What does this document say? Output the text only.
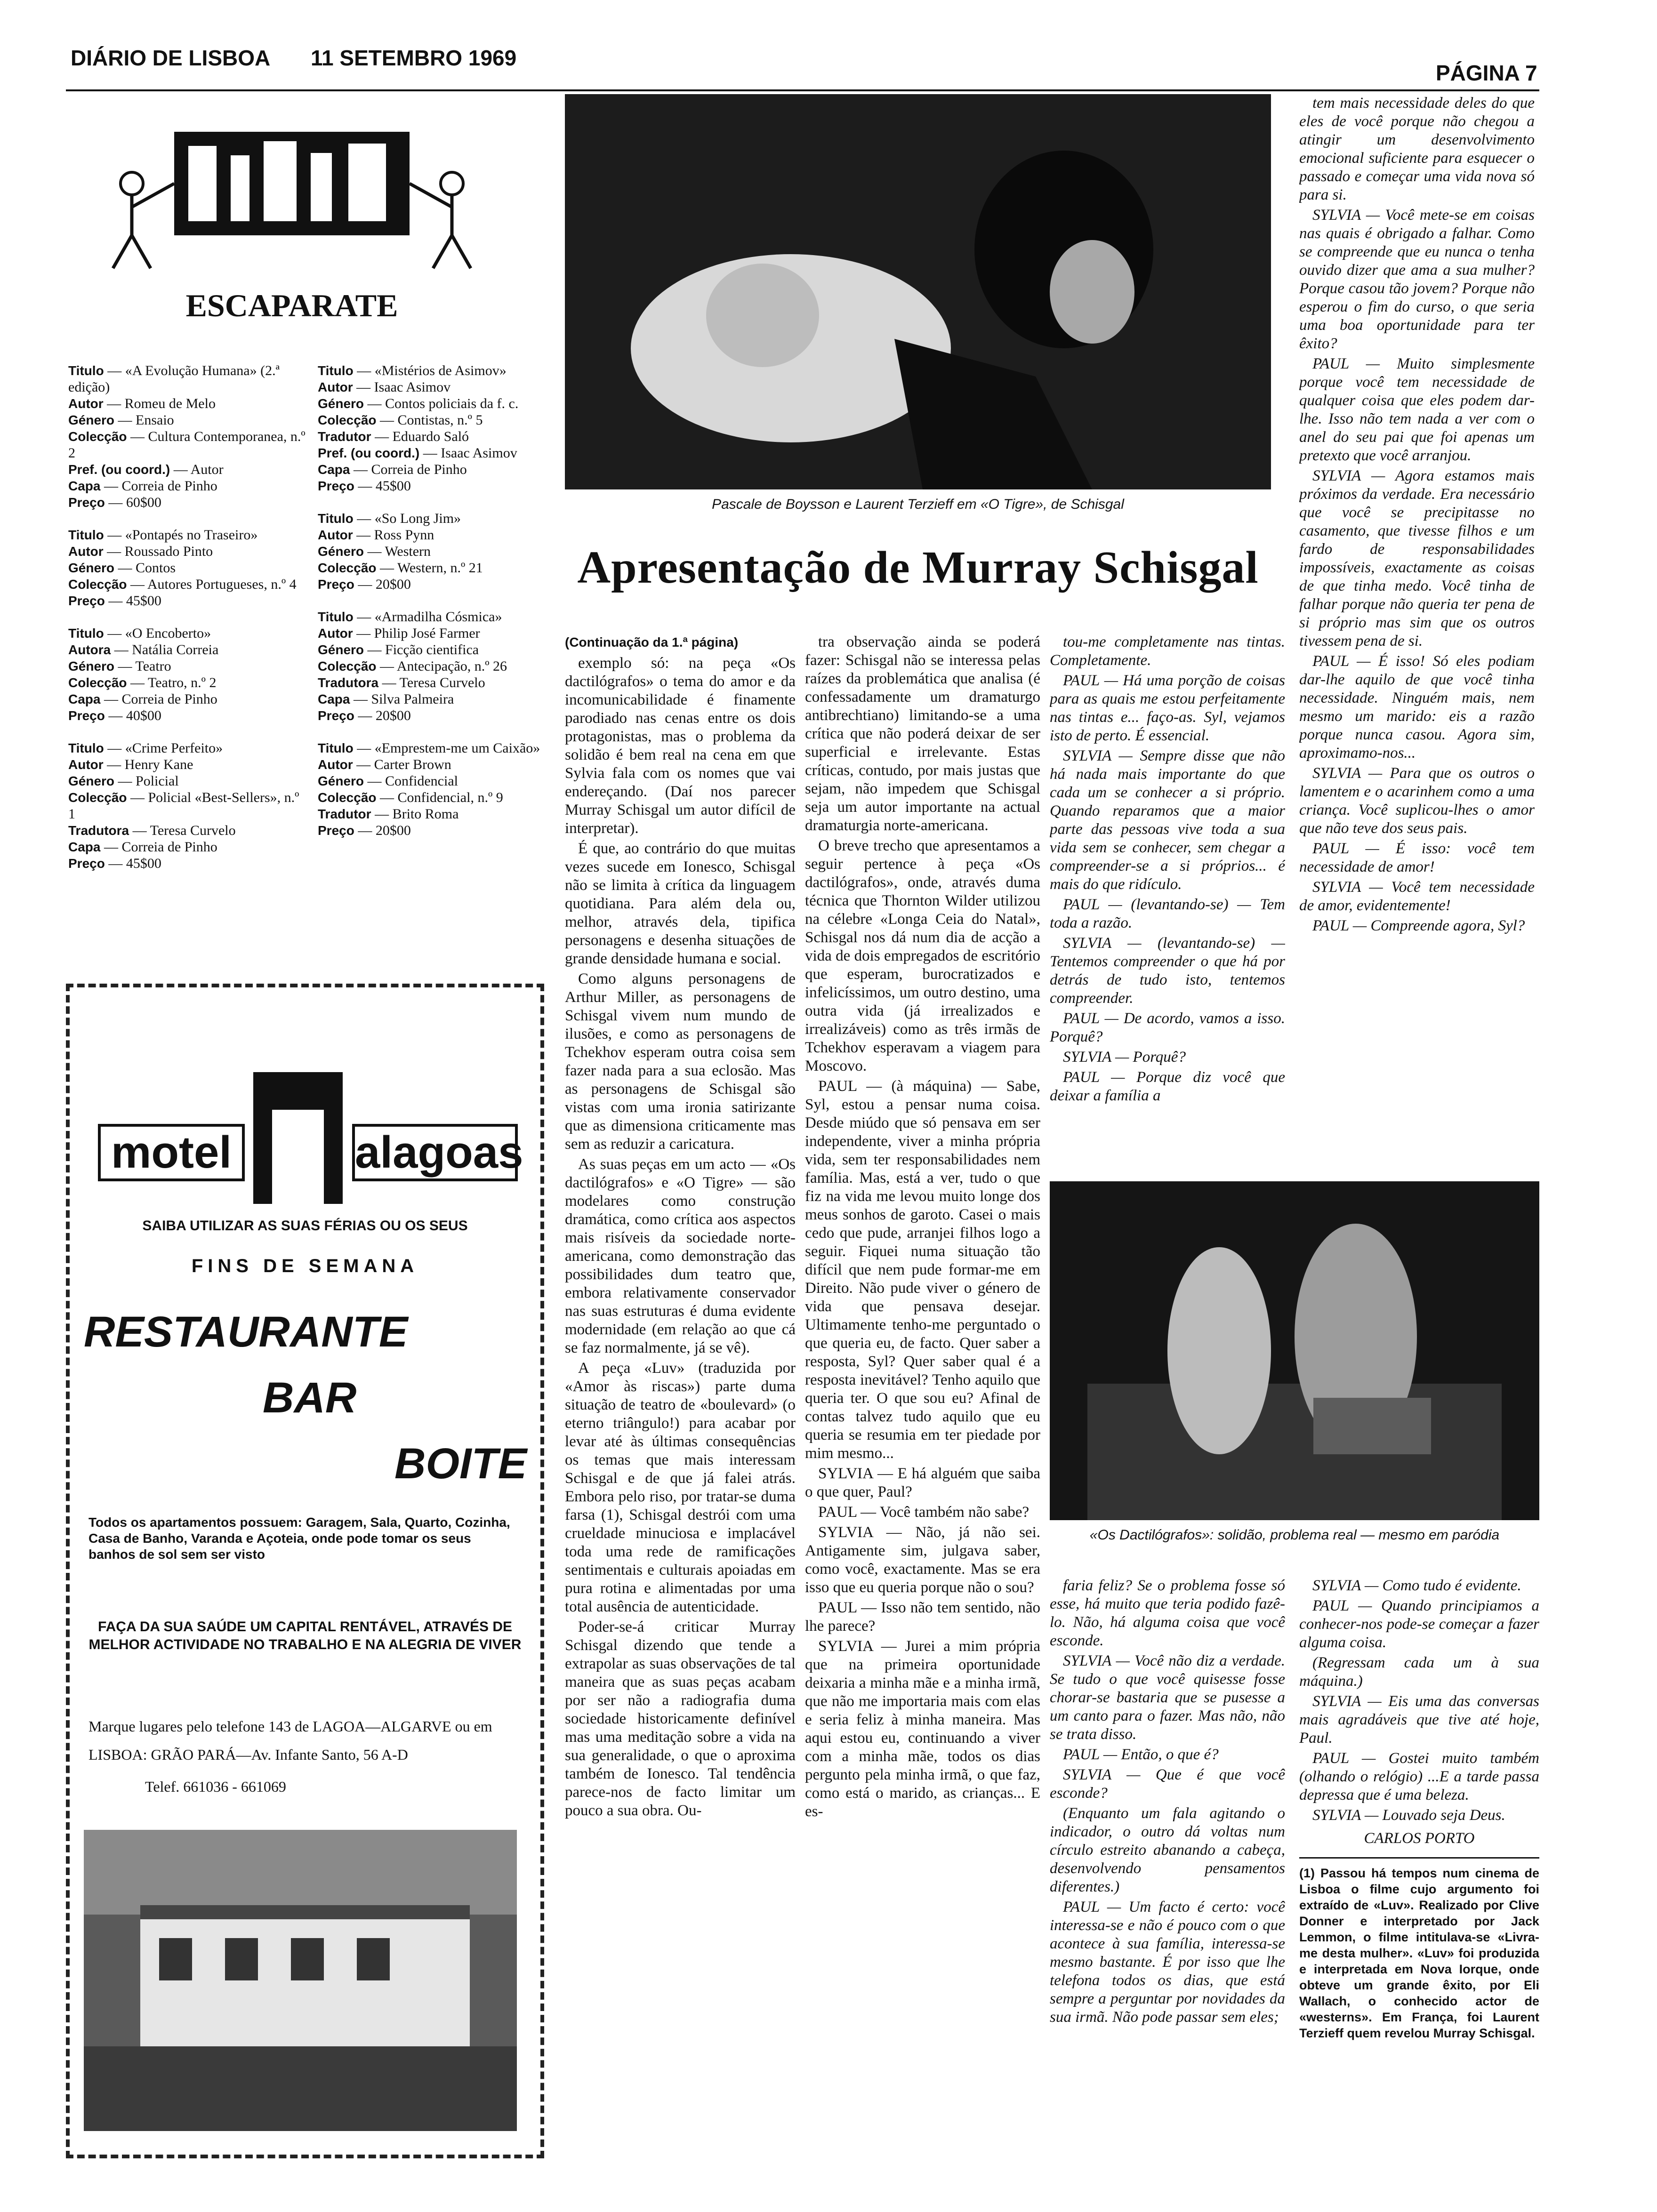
DIÁRIO DE LISBOA 11 SETEMBRO 1969
PÁGINA 7
ESCAPARATE
Titulo — «A Evolução Humana» (2.ª edição)
Autor — Romeu de Melo
Género — Ensaio
Colecção — Cultura Contemporanea, n.º 2
Pref. (ou coord.) — Autor
Capa — Correia de Pinho
Preço — 60$00
Titulo — «Pontapés no Traseiro»
Autor — Roussado Pinto
Género — Contos
Colecção — Autores Portugueses, n.º 4
Preço — 45$00
Titulo — «O Encoberto»
Autora — Natália Correia
Género — Teatro
Colecção — Teatro, n.º 2
Capa — Correia de Pinho
Preço — 40$00
Titulo — «Crime Perfeito»
Autor — Henry Kane
Género — Policial
Colecção — Policial «Best-Sellers», n.º 1
Tradutora — Teresa Curvelo
Capa — Correia de Pinho
Preço — 45$00
Titulo — «Mistérios de Asimov»
Autor — Isaac Asimov
Género — Contos policiais da f. c.
Colecção — Contistas, n.º 5
Tradutor — Eduardo Saló
Pref. (ou coord.) — Isaac Asimov
Capa — Correia de Pinho
Preço — 45$00
Titulo — «So Long Jim»
Autor — Ross Pynn
Género — Western
Colecção — Western, n.º 21
Preço — 20$00
Titulo — «Armadilha Cósmica»
Autor — Philip José Farmer
Género — Ficção cientifica
Colecção — Antecipação, n.º 26
Tradutora — Teresa Curvelo
Capa — Silva Palmeira
Preço — 20$00
Titulo — «Emprestem-me um Caixão»
Autor — Carter Brown
Género — Confidencial
Colecção — Confidencial, n.º 9
Tradutor — Brito Roma
Preço — 20$00
motel	alagoas
SAIBA UTILIZAR AS SUAS FÉRIAS OU OS SEUS
FINS DE SEMANA
RESTAURANTE
BAR
BOITE
Todos os apartamentos possuem: Garagem, Sala, Quarto, Cozinha, Casa de Banho, Varanda e Açoteia, onde pode tomar os seus banhos de sol sem ser visto
FAÇA DA SUA SAÚDE UM CAPITAL RENTÁVEL, ATRAVÉS DE MELHOR ACTIVIDADE NO TRABALHO E NA ALEGRIA DE VIVER
Marque lugares pelo telefone 143 de LAGOA—ALGARVE ou em LISBOA: GRÃO PARÁ—Av. Infante Santo, 56 A-D
Telef. 661036 - 661069
Pascale de Boysson e Laurent Terzieff em «O Tigre», de Schisgal
Apresentação de Murray Schisgal
(Continuação da 1.ª página)

exemplo só: na peça «Os dactilógrafos» o tema do amor e da incomunicabilidade é finamente parodiado nas cenas entre os dois protagonistas, mas o problema da solidão é bem real na cena em que Sylvia fala com os nomes que vai endereçando. (Daí nos parecer Murray Schisgal um autor difícil de interpretar).

É que, ao contrário do que muitas vezes sucede em Ionesco, Schisgal não se limita à crítica da linguagem quotidiana. Para além dela ou, melhor, através dela, tipifica personagens e desenha situações de grande densidade humana e social.

Como alguns personagens de Arthur Miller, as personagens de Schisgal vivem num mundo de ilusões, e como as personagens de Tchekhov esperam outra coisa sem fazer nada para a sua eclosão. Mas as personagens de Schisgal são vistas com uma ironia satirizante que as dimensiona criticamente mas sem as reduzir a caricatura.

As suas peças em um acto — «Os dactilógrafos» e «O Tigre» — são modelares como construção dramática, como crítica aos aspectos mais risíveis da sociedade norte-americana, como demonstração das possibilidades dum teatro que, embora relativamente conservador nas suas estruturas é duma evidente modernidade (em relação ao que cá se faz normalmente, já se vê).

A peça «Luv» (traduzida por «Amor às riscas») parte duma situação de teatro de «boulevard» (o eterno triângulo!) para acabar por levar até às últimas consequências os temas que mais interessam Schisgal e de que já falei atrás. Embora pelo riso, por tratar-se duma farsa (1), Schisgal destrói com uma crueldade minuciosa e implacável toda uma rede de ramificações sentimentais e culturais apoiadas em pura rotina e alimentadas por uma total ausência de autenticidade.

Poder-se-á criticar Murray Schisgal dizendo que tende a extrapolar as suas observações de tal maneira que as suas peças acabam por ser não a radiografia duma sociedade historicamente definível mas uma meditação sobre a vida na sua generalidade, o que o aproxima também de Ionesco. Tal tendência parece-nos de facto limitar um pouco a sua obra. Ou-

tra observação ainda se poderá fazer: Schisgal não se interessa pelas raízes da problemática que analisa (é confessadamente um dramaturgo antibrechtiano) limitando-se a uma crítica que não poderá deixar de ser superficial e irrelevante. Estas críticas, contudo, por mais justas que sejam, não impedem que Schisgal seja um autor importante na actual dramaturgia norte-americana.

O breve trecho que apresentamos a seguir pertence à peça «Os dactilógrafos», onde, através duma técnica que Thornton Wilder utilizou na célebre «Longa Ceia do Natal», Schisgal nos dá num dia de acção a vida de dois empregados de escritório que esperam, burocratizados e infelicíssimos, um outro destino, uma outra vida (já irrealizados e irrealizáveis) como as três irmãs de Tchekhov esperavam a viagem para Moscovo.

PAUL — (à máquina) — Sabe, Syl, estou a pensar numa coisa. Desde miúdo que só pensava em ser independente, viver a minha própria vida, sem ter responsabilidades nem família. Mas, está a ver, tudo o que fiz na vida me levou muito longe dos meus sonhos de garoto. Casei o mais cedo que pude, arranjei filhos logo a seguir. Fiquei numa situação tão difícil que nem pude formar-me em Direito. Não pude viver o género de vida que pensava desejar. Ultimamente tenho-me perguntado o que queria eu, de facto. Quer saber a resposta, Syl? Quer saber qual é a resposta inevitável? Tenho aquilo que queria ter. O que sou eu? Afinal de contas talvez tudo aquilo que eu queria se resumia em ter piedade por mim mesmo...

SYLVIA — E há alguém que saiba o que quer, Paul?

PAUL — Você também não sabe?

SYLVIA — Não, já não sei. Antigamente sim, julgava saber, como você, exactamente. Mas se era isso que eu queria porque não o sou?

PAUL — Isso não tem sentido, não lhe parece?

SYLVIA — Jurei a mim própria que na primeira oportunidade deixaria a minha mãe e a minha irmã, que não me importaria mais com elas e seria feliz à minha maneira. Mas aqui estou eu, continuando a viver com a minha mãe, todos os dias pergunto pela minha irmã, o que faz, como está o marido, as crianças... E es-

tou-me completamente nas tintas. Completamente.

PAUL — Há uma porção de coisas para as quais me estou perfeitamente nas tintas e... faço-as. Syl, vejamos isto de perto. É essencial.

SYLVIA — Sempre disse que não há nada mais importante do que cada um se conhecer a si próprio. Quando reparamos que a maior parte das pessoas vive toda a sua vida sem se conhecer, sem chegar a compreender-se a si próprios... é mais do que ridículo.

PAUL — (levantando-se) — Tem toda a razão.

SYLVIA — (levantando-se) — Tentemos compreender o que há por detrás de tudo isto, tentemos compreender.

PAUL — De acordo, vamos a isso. Porquê?

SYLVIA — Porquê?

PAUL — Porque diz você que deixar a família a

tem mais necessidade deles do que eles de você porque não chegou a atingir um desenvolvimento emocional suficiente para esquecer o passado e começar uma vida nova só para si.

SYLVIA — Você mete-se em coisas nas quais é obrigado a falhar. Como se compreende que eu nunca o tenha ouvido dizer que ama a sua mulher? Porque casou tão jovem? Porque não esperou o fim do curso, o que seria uma boa oportunidade para ter êxito?

PAUL — Muito simplesmente porque você tem necessidade de qualquer coisa que eles podem dar-lhe. Isso não tem nada a ver com o anel do seu pai que foi apenas um pretexto que você arranjou.

SYLVIA — Agora estamos mais próximos da verdade. Era necessário que você se precipitasse no casamento, que tivesse filhos e um fardo de responsabilidades impossíveis, exactamente as coisas de que tinha medo. Você tinha de falhar porque não queria ter pena de si próprio mas sim que os outros tivessem pena de si.

PAUL — É isso! Só eles podiam dar-lhe aquilo de que você tinha necessidade. Ninguém mais, nem mesmo um marido: eis a razão porque nunca casou. Agora sim, aproximamo-nos...

SYLVIA — Para que os outros o lamentem e o acarinhem como a uma criança. Você suplicou-lhes o amor que não teve dos seus pais.

PAUL — É isso: você tem necessidade de amor!

SYLVIA — Você tem necessidade de amor, evidentemente!

PAUL — Compreende agora, Syl?

«Os Dactilógrafos»: solidão, problema real — mesmo em paródia

faria feliz? Se o problema fosse só esse, há muito que teria podido fazê-lo. Não, há alguma coisa que você esconde.

SYLVIA — Você não diz a verdade. Se tudo o que você quisesse fosse chorar-se bastaria que se pusesse a um canto para o fazer. Mas não, não se trata disso.

PAUL — Então, o que é?

SYLVIA — Que é que você esconde?

(Enquanto um fala agitando o indicador, o outro dá voltas num círculo estreito abanando a cabeça, desenvolvendo pensamentos diferentes.)

PAUL — Um facto é certo: você interessa-se e não é pouco com o que acontece à sua família, interessa-se mesmo bastante. É por isso que lhe telefona todos os dias, que está sempre a perguntar por novidades da sua irmã. Não pode passar sem eles;

SYLVIA — Como tudo é evidente.

PAUL — Quando principiamos a conhecer-nos pode-se começar a fazer alguma coisa.

(Regressam cada um à sua máquina.)

SYLVIA — Eis uma das conversas mais agradáveis que tive até hoje, Paul.

PAUL — Gostei muito também (olhando o relógio) ...E a tarde passa depressa que é uma beleza.

SYLVIA — Louvado seja Deus.

CARLOS PORTO
(1) Passou há tempos num cinema de Lisboa o filme cujo argumento foi extraído de «Luv». Realizado por Clive Donner e interpretado por Jack Lemmon, o filme intitulava-se «Livra-me desta mulher». «Luv» foi produzida e interpretada em Nova Iorque, onde obteve um grande êxito, por Eli Wallach, o conhecido actor de «westerns». Em França, foi Laurent Terzieff quem revelou Murray Schisgal.
